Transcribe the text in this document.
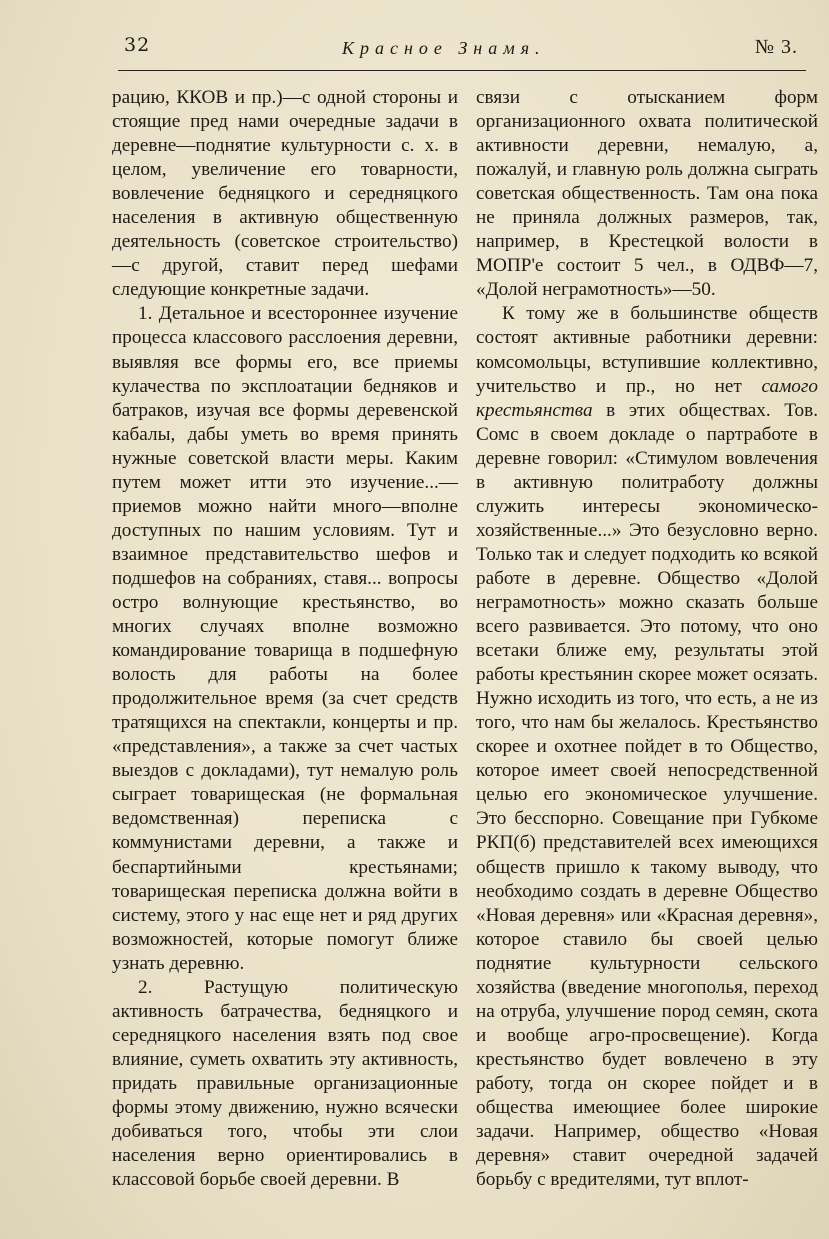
32	Красное Знамя.	№ 3.

рацию, ККОВ и пр.)—с одной стороны и стоящие пред нами очередные задачи в деревне—поднятие культурности с. х. в целом, увеличение его товарности, вовлечение бедняцкого и середняцкого населения в активную общественную деятельность (советское строительство)—с другой, ставит перед шефами следующие конкретные задачи.

1. Детальное и всестороннее изучение процесса классового расслоения деревни, выявляя все формы его, все приемы кулачества по эксплоатации бедняков и батраков, изучая все формы деревенской кабалы, дабы уметь во время принять нужные советской власти меры. Каким путем может итти это изучение...—приемов можно найти много—вполне доступных по нашим условиям. Тут и взаимное представительство шефов и подшефов на собраниях, ставя... вопросы остро волнующие крестьянство, во многих случаях вполне возможно командирование товарища в подшефную волость для работы на более продолжительное время (за счет средств тратящихся на спектакли, концерты и пр. «представления», а также за счет частых выездов с докладами), тут немалую роль сыграет товарищеская (не формальная ведомственная) переписка с коммунистами деревни, а также и беспартийными крестьянами; товарищеская переписка должна войти в систему, этого у нас еще нет и ряд других возможностей, которые помогут ближе узнать деревню.

2. Растущую политическую активность батрачества, бедняцкого и середняцкого населения взять под свое влияние, суметь охватить эту активность, придать правильные организационные формы этому движению, нужно всячески добиваться того, чтобы эти слои населения верно ориентировались в классовой борьбе своей деревни. В

связи с отысканием форм организационного охвата политической активности деревни, немалую, а, пожалуй, и главную роль должна сыграть советская общественность. Там она пока не приняла должных размеров, так, например, в Крестецкой волости в МОПР'е состоит 5 чел., в ОДВФ—7, «Долой неграмотность»—50.

К тому же в большинстве обществ состоят активные работники деревни: комсомольцы, вступившие коллективно, учительство и пр., но нет самого крестьянства в этих обществах. Тов. Сомс в своем докладе о партработе в деревне говорил: «Стимулом вовлечения в активную политработу должны служить интересы экономическо-хозяйственные...» Это безусловно верно. Только так и следует подходить ко всякой работе в деревне. Общество «Долой неграмотность» можно сказать больше всего развивается. Это потому, что оно всетаки ближе ему, результаты этой работы крестьянин скорее может осязать. Нужно исходить из того, что есть, а не из того, что нам бы желалось. Крестьянство скорее и охотнее пойдет в то Общество, которое имеет своей непосредственной целью его экономическое улучшение. Это бесспорно. Совещание при Губкоме РКП(б) представителей всех имеющихся обществ пришло к такому выводу, что необходимо создать в деревне Общество «Новая деревня» или «Красная деревня», которое ставило бы своей целью поднятие культурности сельского хозяйства (введение многополья, переход на отруба, улучшение пород семян, скота и вообще агро-просвещение). Когда крестьянство будет вовлечено в эту работу, тогда он скорее пойдет и в общества имеющиее более широкие задачи. Например, общество «Новая деревня» ставит очередной задачей борьбу с вредителями, тут вплот-
